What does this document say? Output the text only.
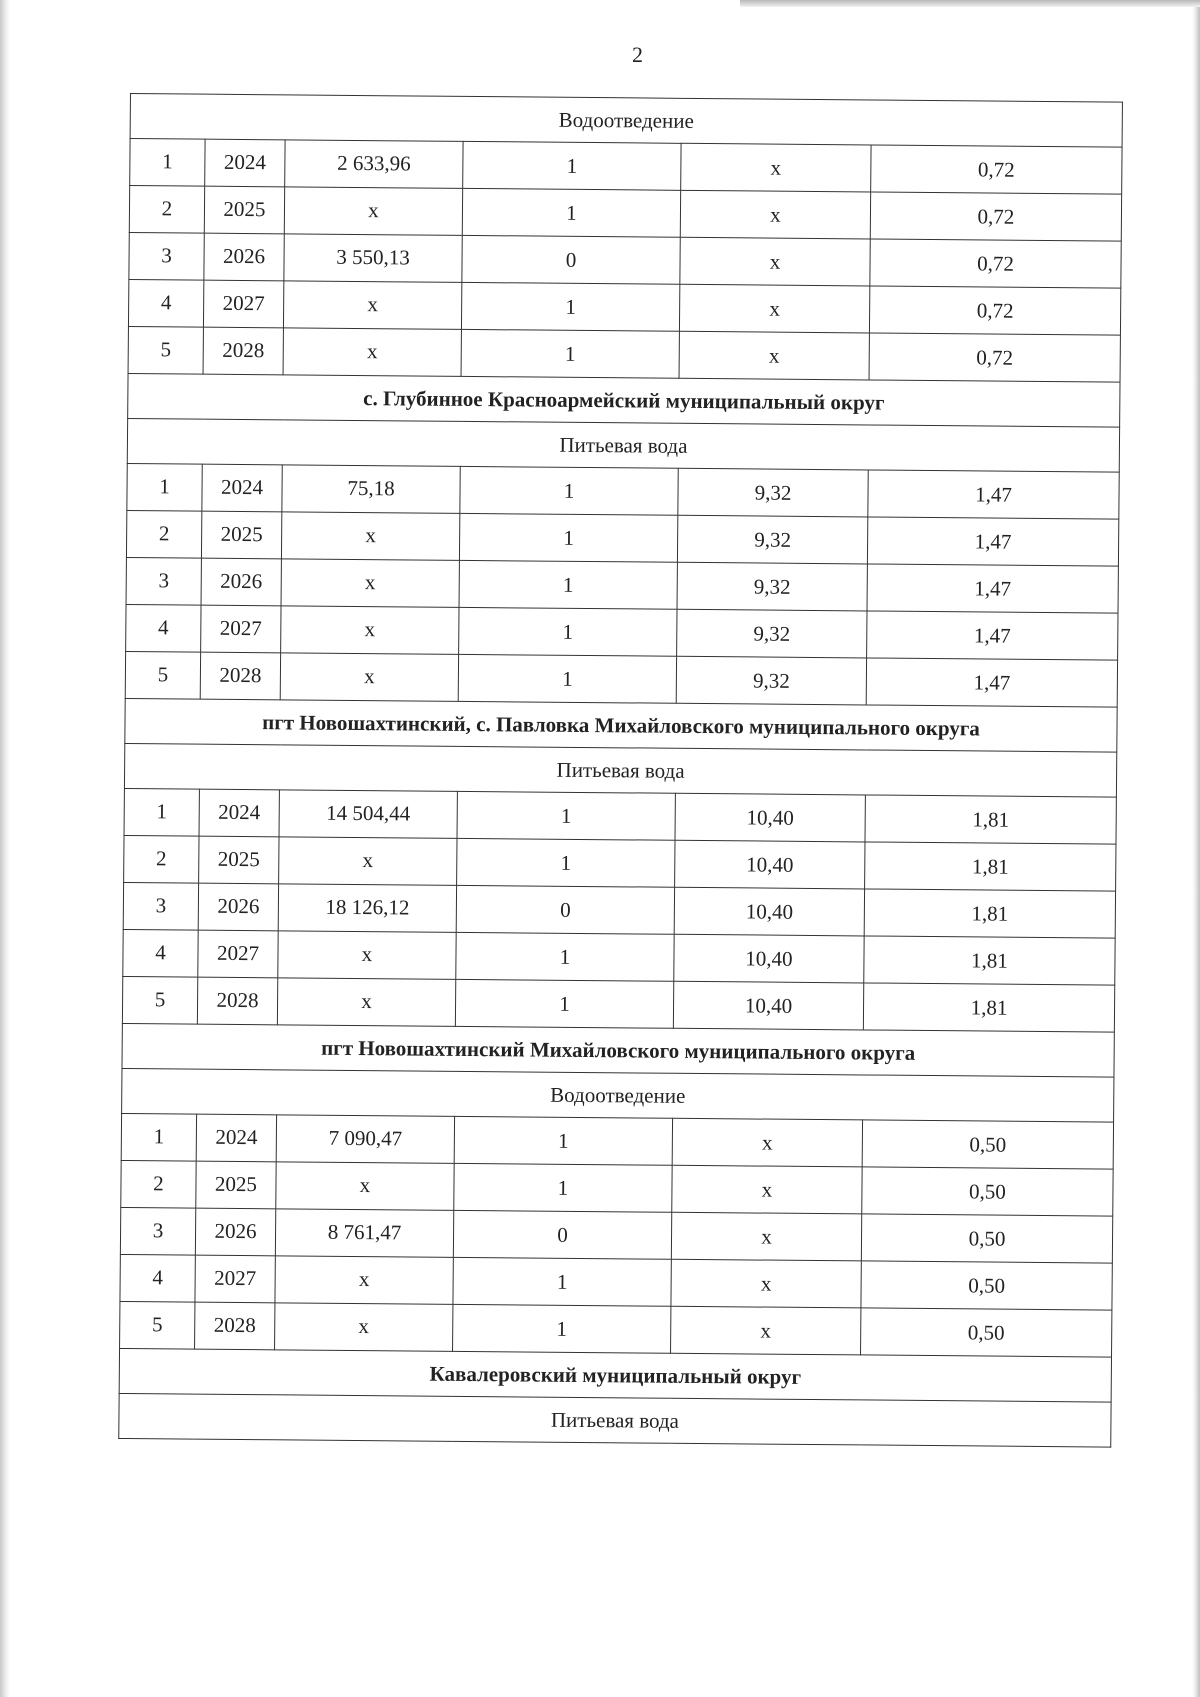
2
Водоотведение					
1	2024	2 633,96	1	х	0,72
2	2025	х	1	х	0,72
3	2026	3 550,13	0	х	0,72
4	2027	х	1	х	0,72
5	2028	х	1	х	0,72
с. Глубинное Красноармейский муниципальный округ					
Питьевая вода					
1	2024	75,18	1	9,32	1,47
2	2025	х	1	9,32	1,47
3	2026	х	1	9,32	1,47
4	2027	х	1	9,32	1,47
5	2028	х	1	9,32	1,47
пгт Новошахтинский, с. Павловка Михайловского муниципального округа					
Питьевая вода					
1	2024	14 504,44	1	10,40	1,81
2	2025	х	1	10,40	1,81
3	2026	18 126,12	0	10,40	1,81
4	2027	х	1	10,40	1,81
5	2028	х	1	10,40	1,81
пгт Новошахтинский Михайловского муниципального округа					
Водоотведение					
1	2024	7 090,47	1	х	0,50
2	2025	х	1	х	0,50
3	2026	8 761,47	0	х	0,50
4	2027	х	1	х	0,50
5	2028	х	1	х	0,50
Кавалеровский муниципальный округ					
Питьевая вода					
